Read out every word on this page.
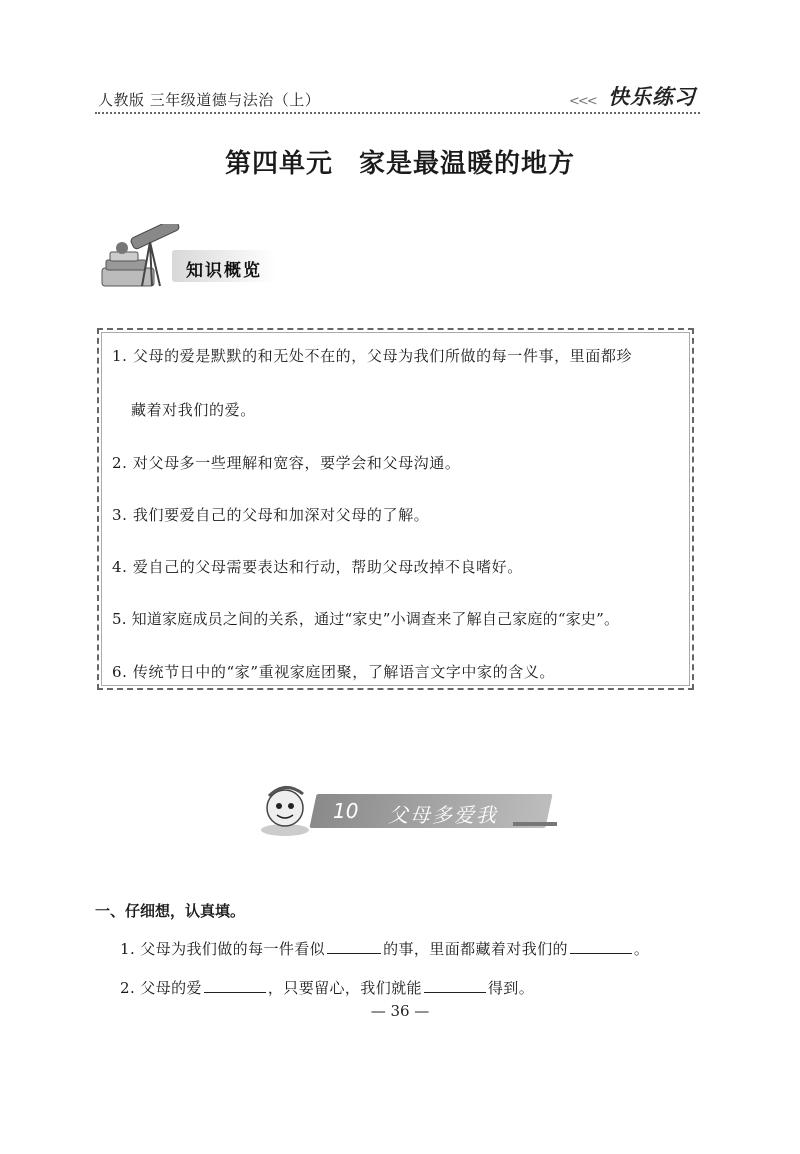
人教版 三年级道德与法治（上）	<<< 快乐练习
第四单元 家是最温暖的地方
知识概览
1. 父母的爱是默默的和无处不在的，父母为我们所做的每一件事，里面都珍
藏着对我们的爱。
2. 对父母多一些理解和宽容，要学会和父母沟通。
3. 我们要爱自己的父母和加深对父母的了解。
4. 爱自己的父母需要表达和行动，帮助父母改掉不良嗜好。
5. 知道家庭成员之间的关系，通过“家史”小调查来了解自己家庭的“家史”。
6. 传统节日中的“家”重视家庭团聚，了解语言文字中家的含义。
10 父母多爱我
一、仔细想，认真填。
1. 父母为我们做的每一件看似	的事，里面都藏着对我们的	。
2. 父母的爱	，只要留心，我们就能	得到。
— 36 —
